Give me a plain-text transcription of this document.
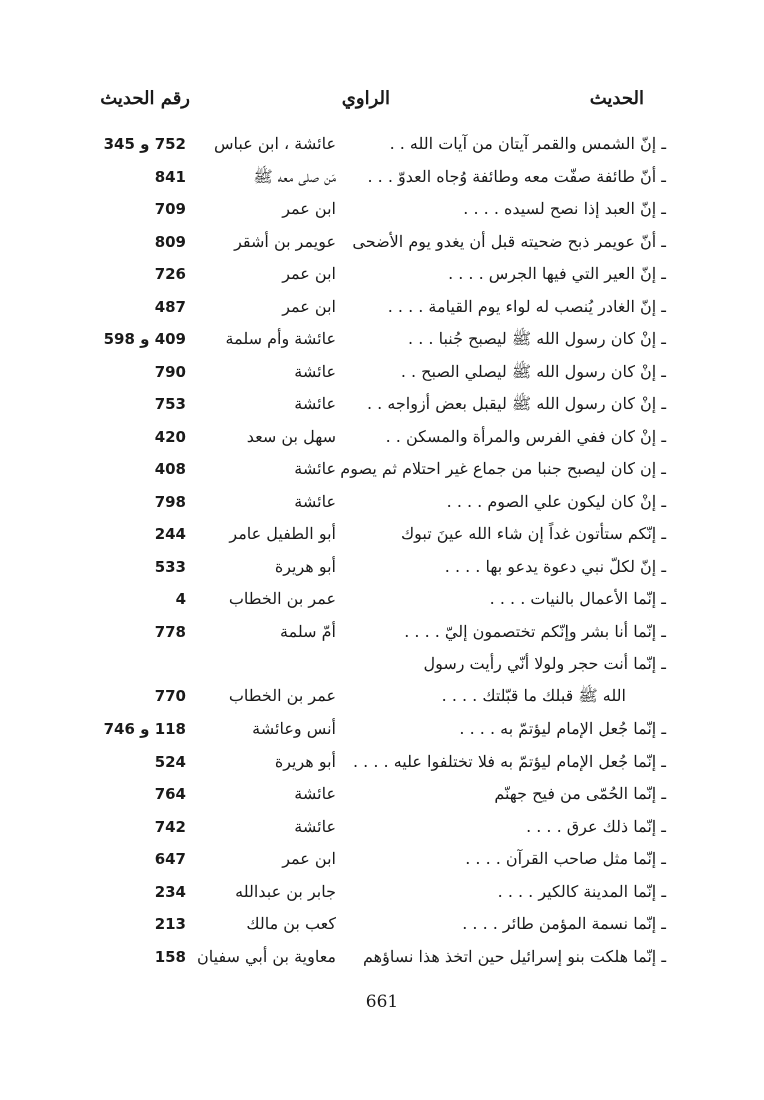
الحديث
الراوي
رقم الحديث
ـ إنّ الشمس والقمر آيتان من آيات الله . .
عائشة ، ابن عباس
752 و 345
ـ أنّ طائفة صفّت معه وطائفة وُجاه العدوّ . . .
مَن صلى معه ﷺ
841
ـ إنّ العبد إذا نصح لسيده . . . .
ابن عمر
709
ـ أنّ عويمر ذبح ضحيته قبل أن يغدو يوم الأضحى
عويمر بن أشقر
809
ـ إنّ العير التي فيها الجرس . . . .
ابن عمر
726
ـ إنّ الغادر يُنصب له لواء يوم القيامة . . . .
ابن عمر
487
ـ إنْ كان رسول الله ﷺ ليصبح جُنبا . . .
عائشة وأم سلمة
409 و 598
ـ إنْ كان رسول الله ﷺ ليصلي الصبح . .
عائشة
790
ـ إنْ كان رسول الله ﷺ ليقبل بعض أزواجه . .
عائشة
753
ـ إنْ كان ففي الفرس والمرأة والمسكن . .
سهل بن سعد
420
ـ إن كان ليصبح جنبا من جماع غير احتلام ثم يصوم
عائشة
408
ـ إنْ كان ليكون علي الصوم . . . .
عائشة
798
ـ إنّكم ستأتون غداً إن شاء الله عينَ تبوك
أبو الطفيل عامر
244
ـ إنّ لكلّ نبي دعوة يدعو بها . . . .
أبو هريرة
533
ـ إنّما الأعمال بالنيات . . . .
عمر بن الخطاب
4
ـ إنّما أنا بشر وإنّكم تختصمون إليّ . . . .
أمّ سلمة
778
ـ إنّما أنت حجر ولولا أنّي رأيت رسول
الله ﷺ قبلك ما قبّلتك . . . .
عمر بن الخطاب
770
ـ إنّما جُعل الإمام ليؤتمّ به . . . .
أنس وعائشة
118 و 746
ـ إنّما جُعل الإمام ليؤتمّ به فلا تختلفوا عليه . . . .
أبو هريرة
524
ـ إنّما الحُمّى من فيح جهنّم
عائشة
764
ـ إنّما ذلك عرق . . . .
عائشة
742
ـ إنّما مثل صاحب القرآن . . . .
ابن عمر
647
ـ إنّما المدينة كالكير . . . .
جابر بن عبدالله
234
ـ إنّما نسمة المؤمن طائر . . . .
كعب بن مالك
213
ـ إنّما هلكت بنو إسرائيل حين اتخذ هذا نساؤهم
معاوية بن أبي سفيان
158
661
